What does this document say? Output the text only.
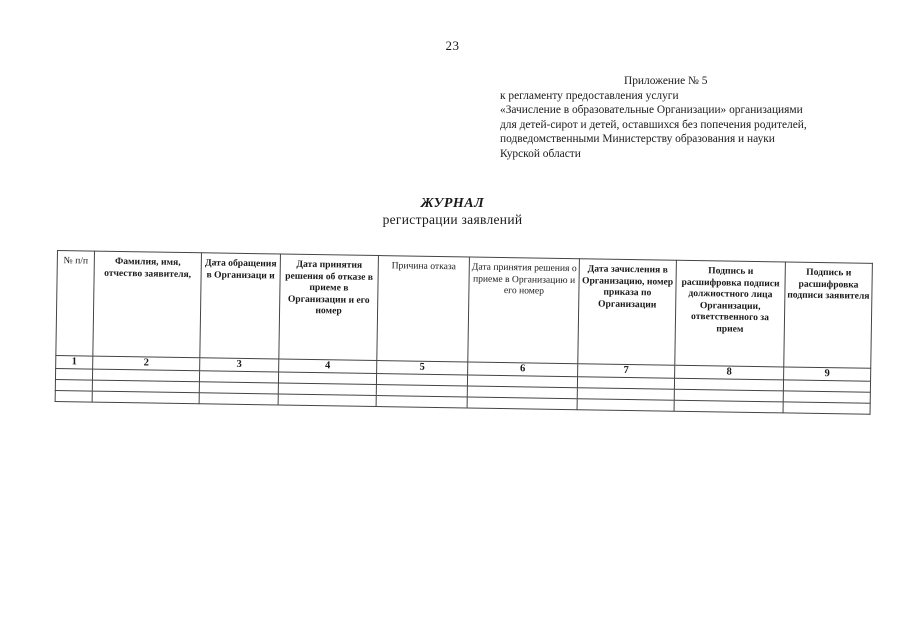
23
Приложение № 5
к регламенту предоставления услуги
«Зачисление в образовательные Организации» организациями
для детей-сирот и детей, оставшихся без попечения родителей,
подведомственными Министерству образования и науки
Курской области
ЖУРНАЛ
регистрации заявлений
№ п/п	Фамилия, имя, отчество заявителя,	Дата обращения в Организаци и	Дата принятия решения об отказе в приеме в Организации и его номер	Причина отказа	Дата принятия решения о приеме в Организацию и его номер	Дата зачисления в Организацию, номер приказа по Организации	Подпись и расшифровка подписи должностного лица Организации, ответственного за прием	Подпись и расшифровка подписи заявителя
1	2	3	4	5	6	7	8	9
